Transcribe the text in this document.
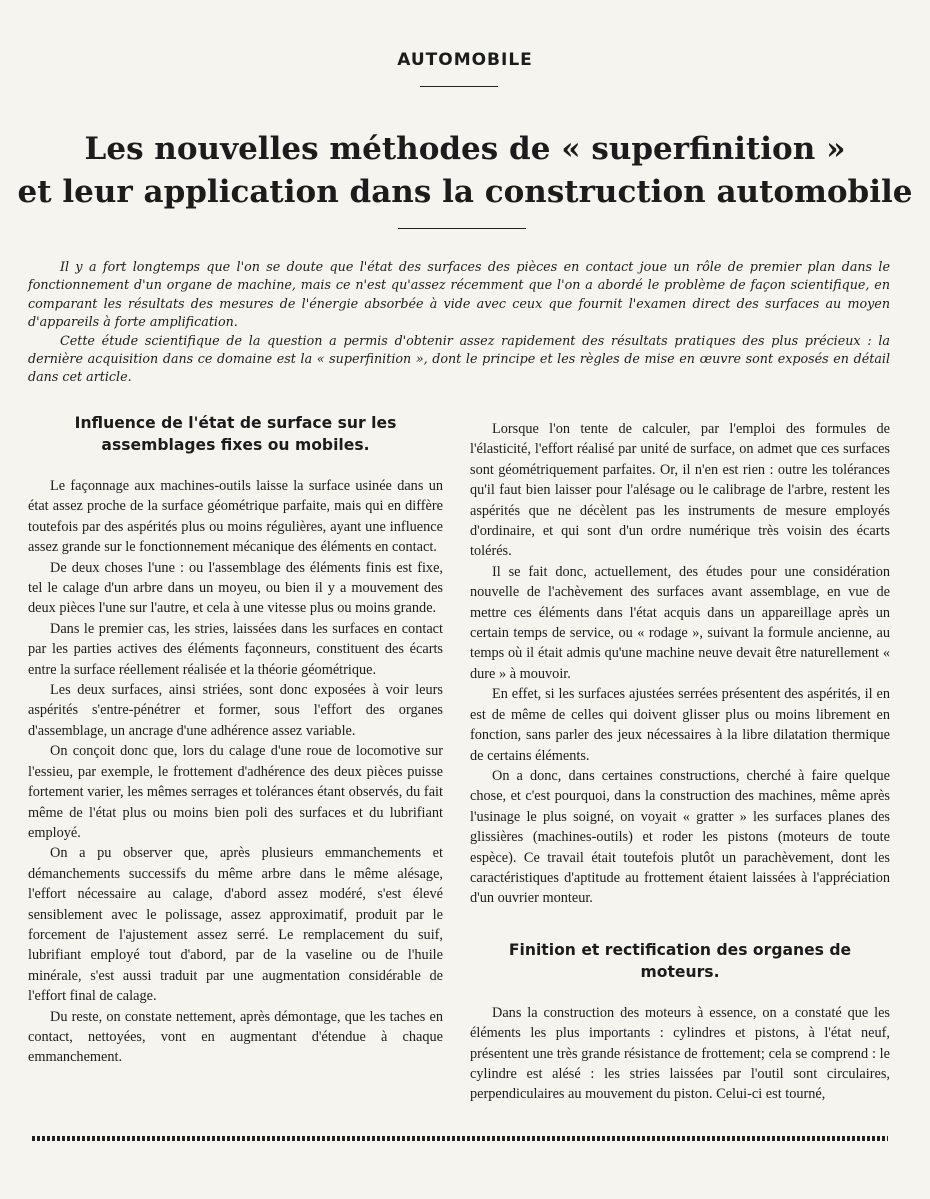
AUTOMOBILE
Les nouvelles méthodes de « superfinition »
et leur application dans la construction automobile

Il y a fort longtemps que l'on se doute que l'état des surfaces des pièces en contact joue un rôle de premier plan dans le fonctionnement d'un organe de machine, mais ce n'est qu'assez récemment que l'on a abordé le problème de façon scientifique, en comparant les résultats des mesures de l'énergie absorbée à vide avec ceux que fournit l'examen direct des surfaces au moyen d'appareils à forte amplification.

Cette étude scientifique de la question a permis d'obtenir assez rapidement des résultats pratiques des plus précieux : la dernière acquisition dans ce domaine est la « superfinition », dont le principe et les règles de mise en œuvre sont exposés en détail dans cet article.

Influence de l'état de surface sur les assemblages fixes ou mobiles.

Le façonnage aux machines-outils laisse la surface usinée dans un état assez proche de la surface géométrique parfaite, mais qui en diffère toutefois par des aspérités plus ou moins régulières, ayant une influence assez grande sur le fonctionnement mécanique des éléments en contact.

De deux choses l'une : ou l'assemblage des éléments finis est fixe, tel le calage d'un arbre dans un moyeu, ou bien il y a mouvement des deux pièces l'une sur l'autre, et cela à une vitesse plus ou moins grande.

Dans le premier cas, les stries, laissées dans les surfaces en contact par les parties actives des éléments façonneurs, constituent des écarts entre la surface réellement réalisée et la théorie géométrique.

Les deux surfaces, ainsi striées, sont donc exposées à voir leurs aspérités s'entre-pénétrer et former, sous l'effort des organes d'assemblage, un ancrage d'une adhérence assez variable.

On conçoit donc que, lors du calage d'une roue de locomotive sur l'essieu, par exemple, le frottement d'adhérence des deux pièces puisse fortement varier, les mêmes serrages et tolérances étant observés, du fait même de l'état plus ou moins bien poli des surfaces et du lubrifiant employé.

On a pu observer que, après plusieurs emmanchements et démanchements successifs du même arbre dans le même alésage, l'effort nécessaire au calage, d'abord assez modéré, s'est élevé sensiblement avec le polissage, assez approximatif, produit par le forcement de l'ajustement assez serré. Le remplacement du suif, lubrifiant employé tout d'abord, par de la vaseline ou de l'huile minérale, s'est aussi traduit par une augmentation considérable de l'effort final de calage.

Du reste, on constate nettement, après démontage, que les taches en contact, nettoyées, vont en augmentant d'étendue à chaque emmanchement.

Lorsque l'on tente de calculer, par l'emploi des formules de l'élasticité, l'effort réalisé par unité de surface, on admet que ces surfaces sont géométriquement parfaites. Or, il n'en est rien : outre les tolérances qu'il faut bien laisser pour l'alésage ou le calibrage de l'arbre, restent les aspérités que ne décèlent pas les instruments de mesure employés d'ordinaire, et qui sont d'un ordre numérique très voisin des écarts tolérés.

Il se fait donc, actuellement, des études pour une considération nouvelle de l'achèvement des surfaces avant assemblage, en vue de mettre ces éléments dans l'état acquis dans un appareillage après un certain temps de service, ou « rodage », suivant la formule ancienne, au temps où il était admis qu'une machine neuve devait être naturellement « dure » à mouvoir.

En effet, si les surfaces ajustées serrées présentent des aspérités, il en est de même de celles qui doivent glisser plus ou moins librement en fonction, sans parler des jeux nécessaires à la libre dilatation thermique de certains éléments.

On a donc, dans certaines constructions, cherché à faire quelque chose, et c'est pourquoi, dans la construction des machines, même après l'usinage le plus soigné, on voyait « gratter » les surfaces planes des glissières (machines-outils) et roder les pistons (moteurs de toute espèce). Ce travail était toutefois plutôt un parachèvement, dont les caractéristiques d'aptitude au frottement étaient laissées à l'appréciation d'un ouvrier monteur.

Finition et rectification des organes de moteurs.

Dans la construction des moteurs à essence, on a constaté que les éléments les plus importants : cylindres et pistons, à l'état neuf, présentent une très grande résistance de frottement; cela se comprend : le cylindre est alésé : les stries laissées par l'outil sont circulaires, perpendiculaires au mouvement du piston. Celui-ci est tourné,
